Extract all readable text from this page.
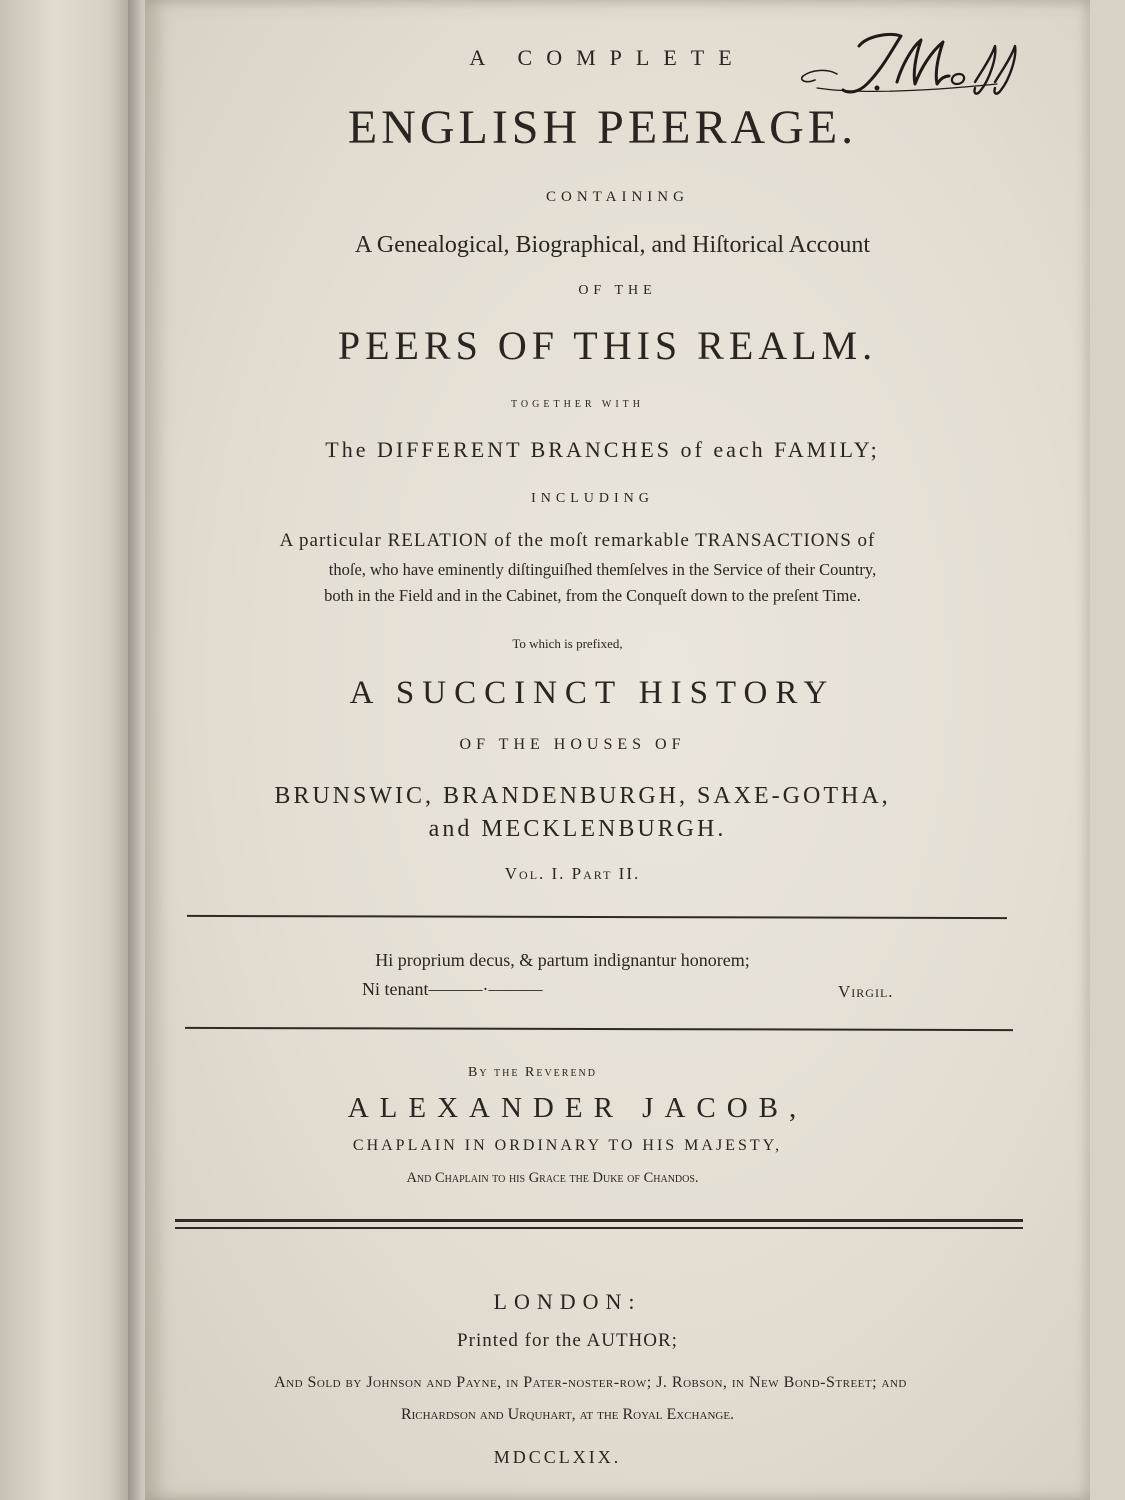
A COMPLETE
ENGLISH PEERAGE.
CONTAINING
A Genealogical, Biographical, and Hiſtorical Account
OF THE
PEERS OF THIS REALM.
TOGETHER WITH
The DIFFERENT BRANCHES of each FAMILY;
INCLUDING
A particular RELATION of the moſt remarkable TRANSACTIONS of
thoſe, who have eminently diſtinguiſhed themſelves in the Service of their Country,
both in the Field and in the Cabinet, from the Conqueſt down to the preſent Time.
To which is prefixed,
A SUCCINCT HISTORY
OF THE HOUSES OF
BRUNSWIC, BRANDENBURGH, SAXE-GOTHA,
and MECKLENBURGH.
Vol. I. Part II.
Hi proprium decus, & partum indignantur honorem;
Ni tenant———·———	Virgil.
By the Reverend
ALEXANDER JACOB,
CHAPLAIN IN ORDINARY TO HIS MAJESTY,
And Chaplain to his Grace the Duke of Chandos.
LONDON:
Printed for the AUTHOR;
And Sold by Johnson and Payne, in Pater-noſter-row; J. Robson, in New Bond-Street; and
Richardson and Urquhart, at the Royal Exchange.
MDCCLXIX.
